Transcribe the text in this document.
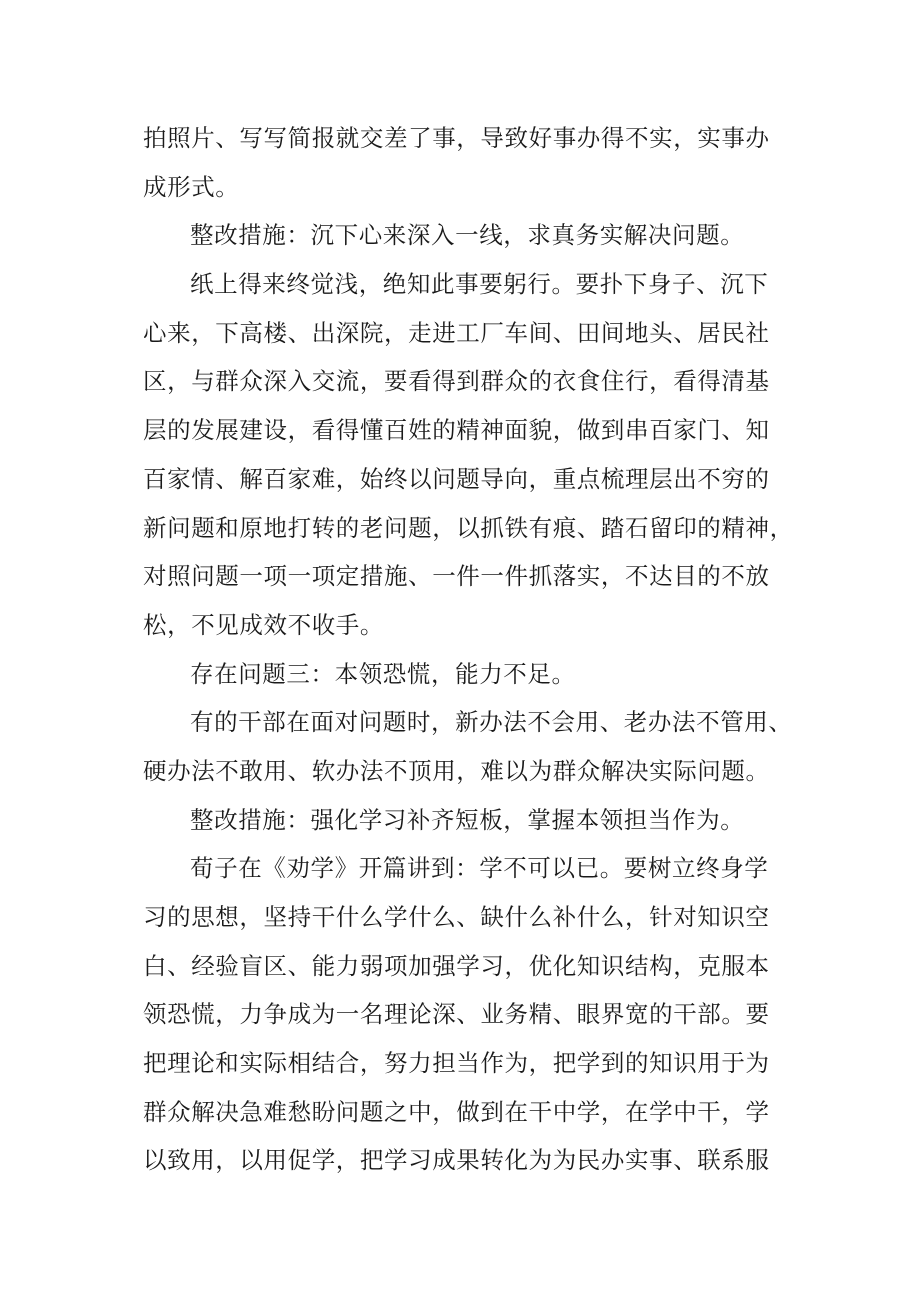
拍照片、写写简报就交差了事，导致好事办得不实，实事办
成形式。
整改措施：沉下心来深入一线，求真务实解决问题。
纸上得来终觉浅，绝知此事要躬行。要扑下身子、沉下
心来，下高楼、出深院，走进工厂车间、田间地头、居民社
区，与群众深入交流，要看得到群众的衣食住行，看得清基
层的发展建设，看得懂百姓的精神面貌，做到串百家门、知
百家情、解百家难，始终以问题导向，重点梳理层出不穷的
新问题和原地打转的老问题，以抓铁有痕、踏石留印的精神，
对照问题一项一项定措施、一件一件抓落实，不达目的不放
松，不见成效不收手。
存在问题三：本领恐慌，能力不足。
有的干部在面对问题时，新办法不会用、老办法不管用、
硬办法不敢用、软办法不顶用，难以为群众解决实际问题。
整改措施：强化学习补齐短板，掌握本领担当作为。
荀子在《劝学》开篇讲到：学不可以已。要树立终身学
习的思想，坚持干什么学什么、缺什么补什么，针对知识空
白、经验盲区、能力弱项加强学习，优化知识结构，克服本
领恐慌，力争成为一名理论深、业务精、眼界宽的干部。要
把理论和实际相结合，努力担当作为，把学到的知识用于为
群众解决急难愁盼问题之中，做到在干中学，在学中干，学
以致用，以用促学，把学习成果转化为为民办实事、联系服
